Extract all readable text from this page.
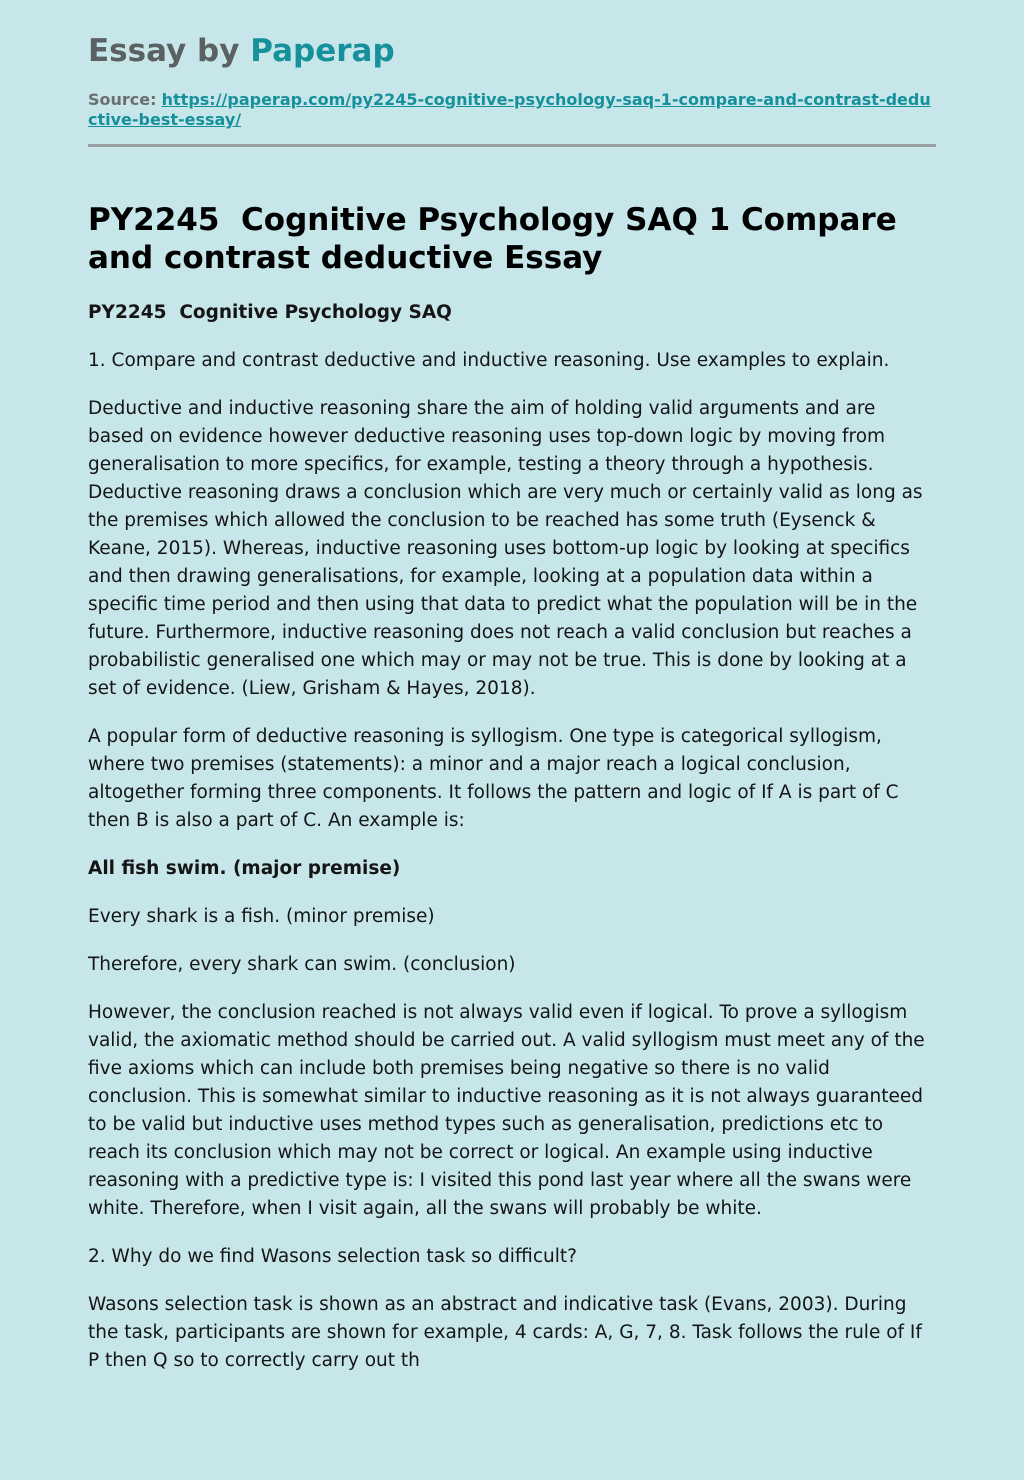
Essay by Paperap
Source: https://paperap.com/py2245-cognitive-psychology-saq-1-compare-and-contrast-deductive-best-essay/
PY2245  Cognitive Psychology SAQ 1 Compare and contrast deductive Essay

PY2245  Cognitive Psychology SAQ

1. Compare and contrast deductive and inductive reasoning. Use examples to explain.

Deductive and inductive reasoning share the aim of holding valid arguments and are based on evidence however deductive reasoning uses top-down logic by moving from generalisation to more specifics, for example, testing a theory through a hypothesis. Deductive reasoning draws a conclusion which are very much or certainly valid as long as the premises which allowed the conclusion to be reached has some truth (Eysenck & Keane, 2015). Whereas, inductive reasoning uses bottom-up logic by looking at specifics and then drawing generalisations, for example, looking at a population data within a specific time period and then using that data to predict what the population will be in the future. Furthermore, inductive reasoning does not reach a valid conclusion but reaches a probabilistic generalised one which may or may not be true. This is done by looking at a set of evidence. (Liew, Grisham & Hayes, 2018).

A popular form of deductive reasoning is syllogism. One type is categorical syllogism, where two premises (statements): a minor and a major reach a logical conclusion, altogether forming three components. It follows the pattern and logic of If A is part of C then B is also a part of C. An example is:

All fish swim. (major premise)

Every shark is a fish. (minor premise)

Therefore, every shark can swim. (conclusion)

However, the conclusion reached is not always valid even if logical. To prove a syllogism valid, the axiomatic method should be carried out. A valid syllogism must meet any of the five axioms which can include both premises being negative so there is no valid conclusion. This is somewhat similar to inductive reasoning as it is not always guaranteed to be valid but inductive uses method types such as generalisation, predictions etc to reach its conclusion which may not be correct or logical. An example using inductive reasoning with a predictive type is: I visited this pond last year where all the swans were white. Therefore, when I visit again, all the swans will probably be white.

2. Why do we find Wasons selection task so difficult?

Wasons selection task is shown as an abstract and indicative task (Evans, 2003). During the task, participants are shown for example, 4 cards: A, G, 7, 8. Task follows the rule of If P then Q so to correctly carry out th
